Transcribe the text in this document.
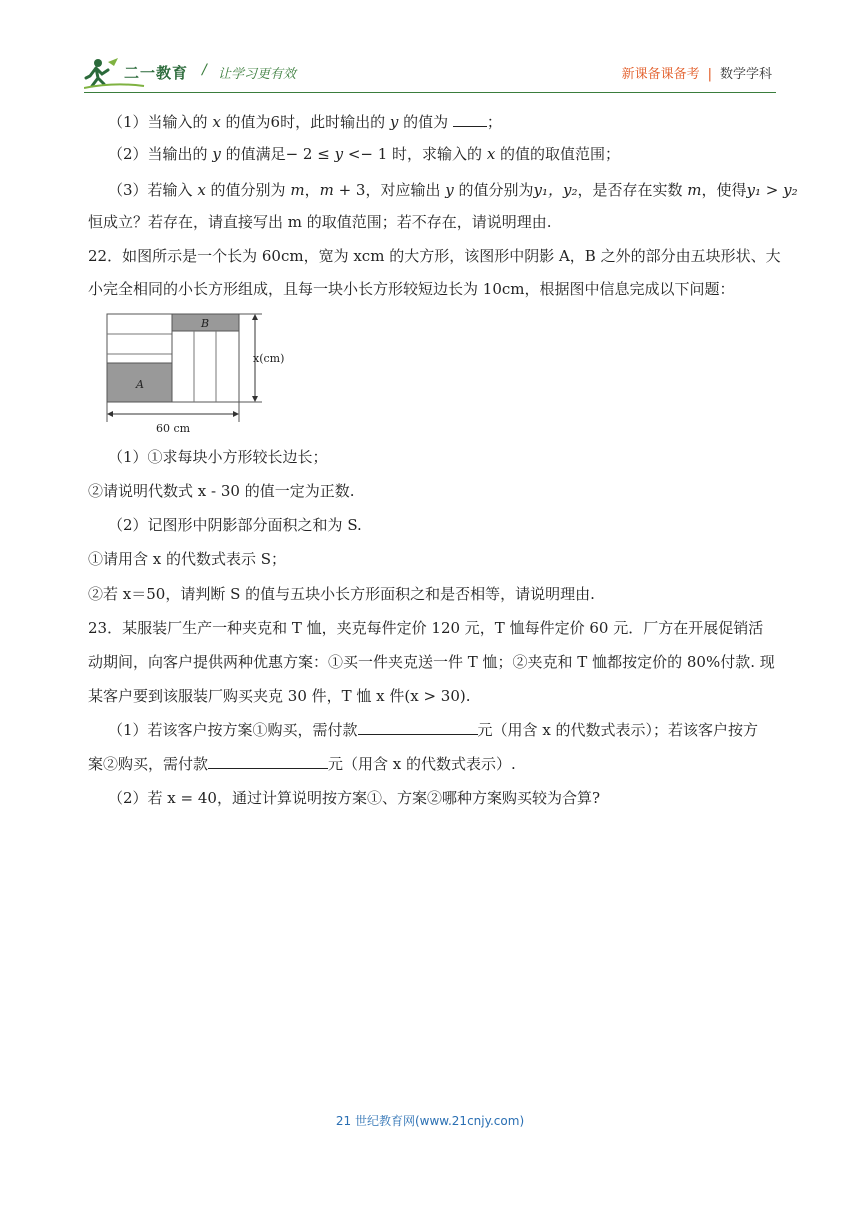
二一教育 / 让学习更有效	新课备课备考 | 数学学科
（1）当输入的 x 的值为6时，此时输出的 y 的值为 ；
（2）当输出的 y 的值满足− 2 ≤ y <− 1 时，求输入的 x 的值的取值范围；
（3）若输入 x 的值分别为 m，m + 3，对应输出 y 的值分别为y₁，y₂，是否存在实数 m，使得y₁ > y₂
恒成立？若存在，请直接写出 m 的取值范围；若不存在，请说明理由.
22．如图所示是一个长为 60cm，宽为 xcm 的大方形，该图形中阴影 A，B 之外的部分由五块形状、大
小完全相同的小长方形组成，且每一块小长方形较短边长为 10cm，根据图中信息完成以下问题：
A
B
x(cm)
60 cm
（1）①求每块小方形较长边长；
②请说明代数式 x - 30 的值一定为正数.
（2）记图形中阴影部分面积之和为 S.
①请用含 x 的代数式表示 S；
②若 x＝50，请判断 S 的值与五块小长方形面积之和是否相等，请说明理由.
23．某服装厂生产一种夹克和 T 恤，夹克每件定价 120 元，T 恤每件定价 60 元．厂方在开展促销活
动期间，向客户提供两种优惠方案：①买一件夹克送一件 T 恤；②夹克和 T 恤都按定价的 80%付款. 现
某客户要到该服装厂购买夹克 30 件，T 恤 x 件(x > 30).
（1）若该客户按方案①购买，需付款	元（用含 x 的代数式表示）；若该客户按方
案②购买，需付款	元（用含 x 的代数式表示）.
（2）若 x = 40，通过计算说明按方案①、方案②哪种方案购买较为合算?
21 世纪教育网(www.21cnjy.com)
